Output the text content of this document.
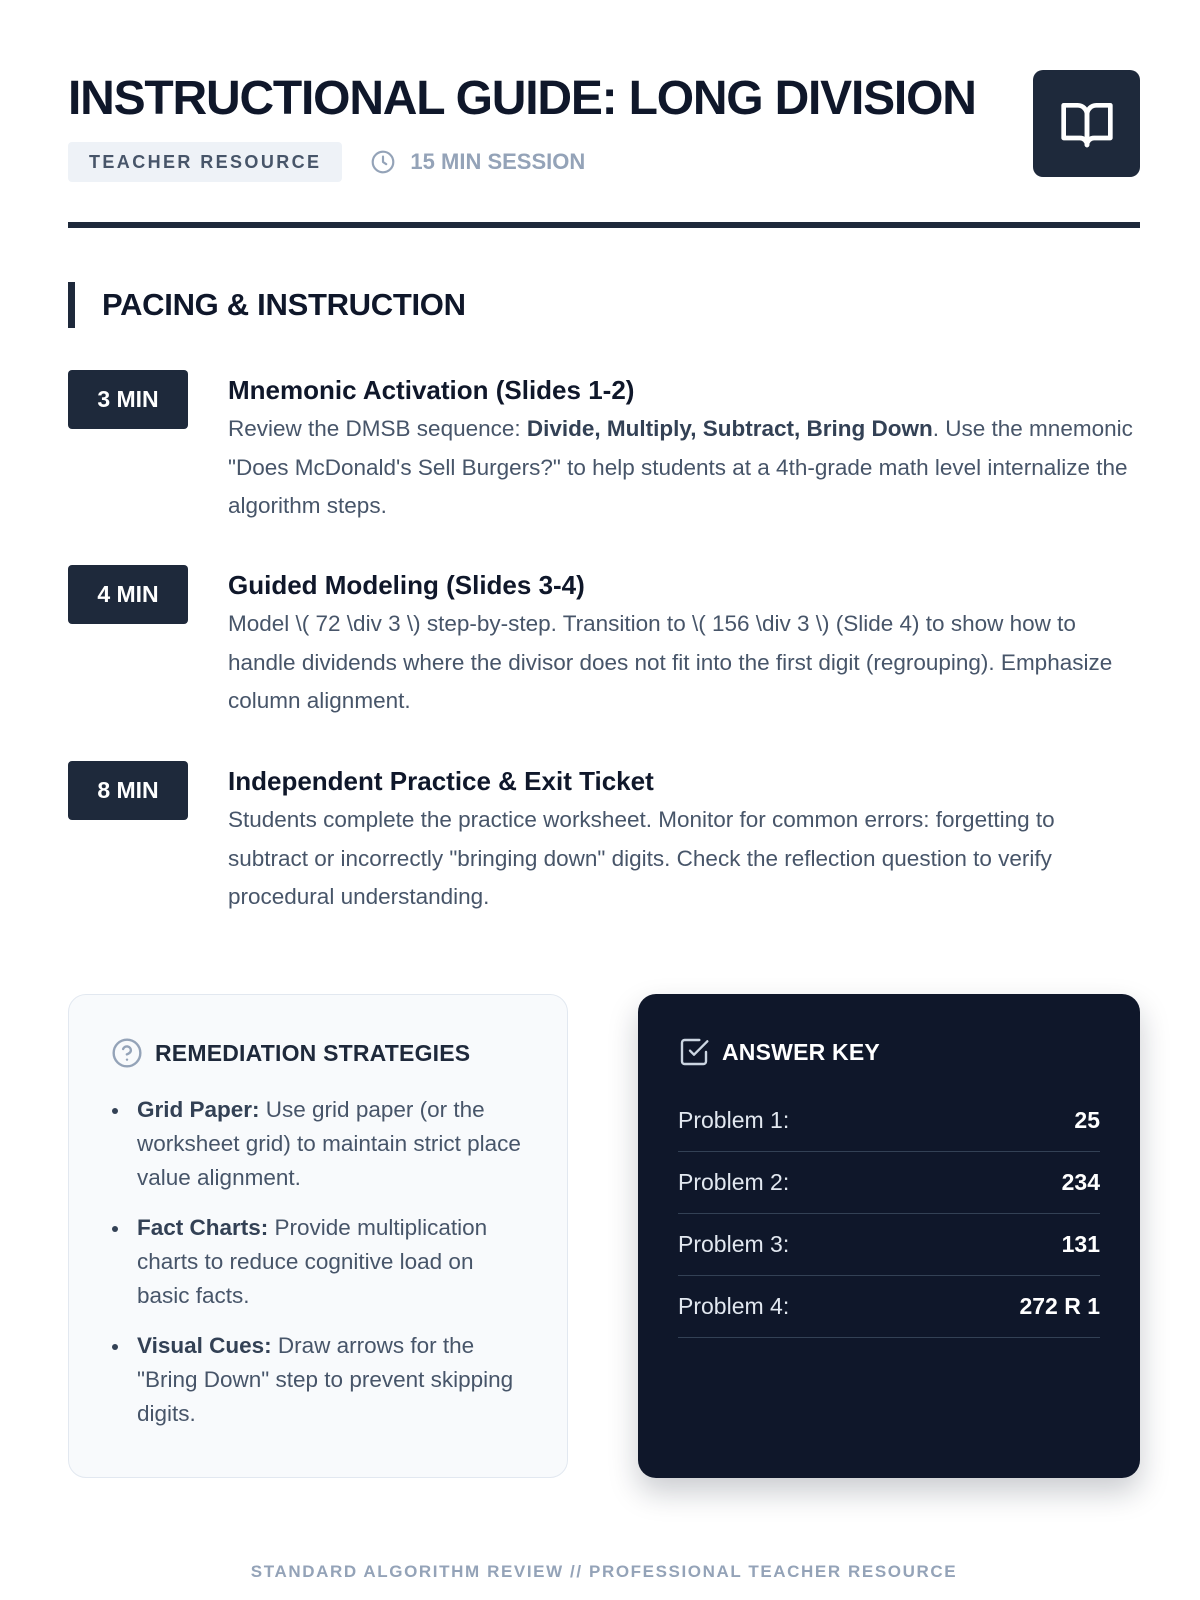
INSTRUCTIONAL GUIDE: LONG DIVISION
TEACHER RESOURCE	15 MIN SESSION
PACING & INSTRUCTION
3 MIN	Mnemonic Activation (Slides 1-2)

Review the DMSB sequence: Divide, Multiply, Subtract, Bring Down. Use the mnemonic "Does McDonald's Sell Burgers?" to help students at a 4th-grade math level internalize the algorithm steps.

4 MIN	Guided Modeling (Slides 3-4)

Model \( 72 \div 3 \) step-by-step. Transition to \( 156 \div 3 \) (Slide 4) to show how to handle dividends where the divisor does not fit into the first digit (regrouping). Emphasize column alignment.

8 MIN	Independent Practice & Exit Ticket

Students complete the practice worksheet. Monitor for common errors: forgetting to subtract or incorrectly "bringing down" digits. Check the reflection question to verify procedural understanding.

REMEDIATION STRATEGIES
Grid Paper: Use grid paper (or the worksheet grid) to maintain strict place value alignment.
Fact Charts: Provide multiplication charts to reduce cognitive load on basic facts.
Visual Cues: Draw arrows for the "Bring Down" step to prevent skipping digits.
ANSWER KEY
Problem 1:	25
Problem 2:	234
Problem 3:	131
Problem 4:	272 R 1
STANDARD ALGORITHM REVIEW // PROFESSIONAL TEACHER RESOURCE
